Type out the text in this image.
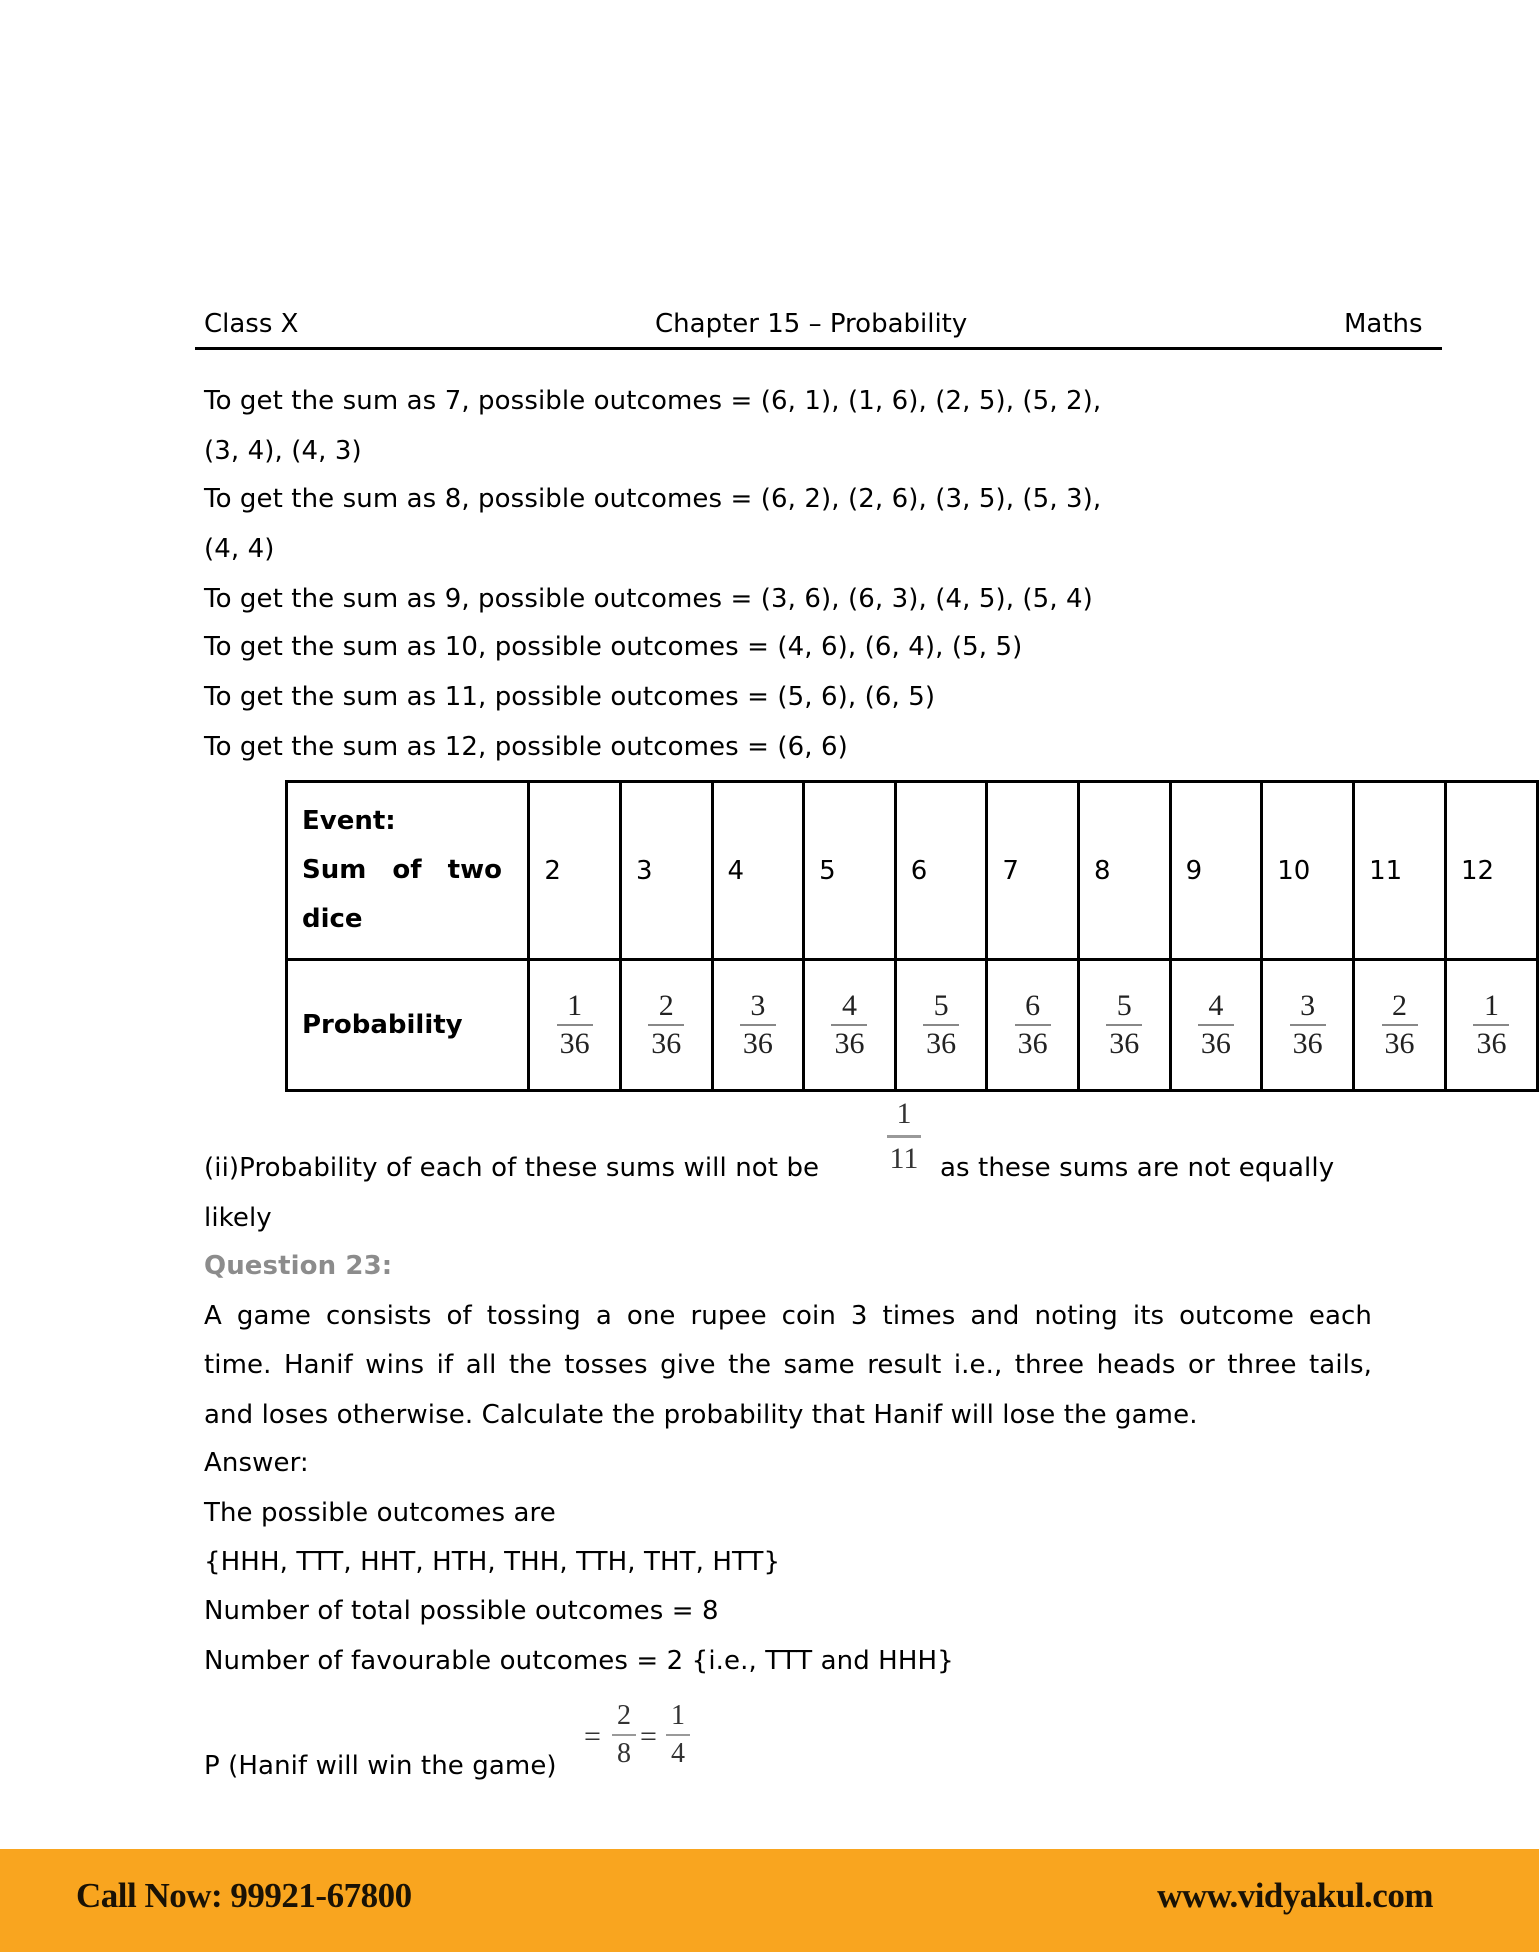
Class X	Chapter 15 – Probability	Maths
To get the sum as 7, possible outcomes = (6, 1), (1, 6), (2, 5), (5, 2),
(3, 4), (4, 3)
To get the sum as 8, possible outcomes = (6, 2), (2, 6), (3, 5), (5, 3),
(4, 4)
To get the sum as 9, possible outcomes = (3, 6), (6, 3), (4, 5), (5, 4)
To get the sum as 10, possible outcomes = (4, 6), (6, 4), (5, 5)
To get the sum as 11, possible outcomes = (5, 6), (6, 5)
To get the sum as 12, possible outcomes = (6, 6)
Event:
Sum of two
dice	2	3	4	5	6	7	8	9	10	11	12
Probability	$\frac{1}{36}$	$\frac{2}{36}$	$\frac{3}{36}$	$\frac{4}{36}$	$\frac{5}{36}$	$\frac{6}{36}$	$\frac{5}{36}$	$\frac{4}{36}$	$\frac{3}{36}$	$\frac{2}{36}$	$\frac{1}{36}$
(ii)Probability of each of these sums will not be
1
11 as these sums are not equally
likely
Question 23:
A game consists of tossing a one rupee coin 3 times and noting its outcome each
time. Hanif wins if all the tosses give the same result i.e., three heads or three tails,
and loses otherwise. Calculate the probability that Hanif will lose the game.
Answer:
The possible outcomes are
{HHH, TTT, HHT, HTH, THH, TTH, THT, HTT}
Number of total possible outcomes = 8
Number of favourable outcomes = 2 {i.e., TTT and HHH}
P (Hanif will win the game)
=
2
8
=
1
4
Call Now: 99921-67800	www.vidyakul.com
